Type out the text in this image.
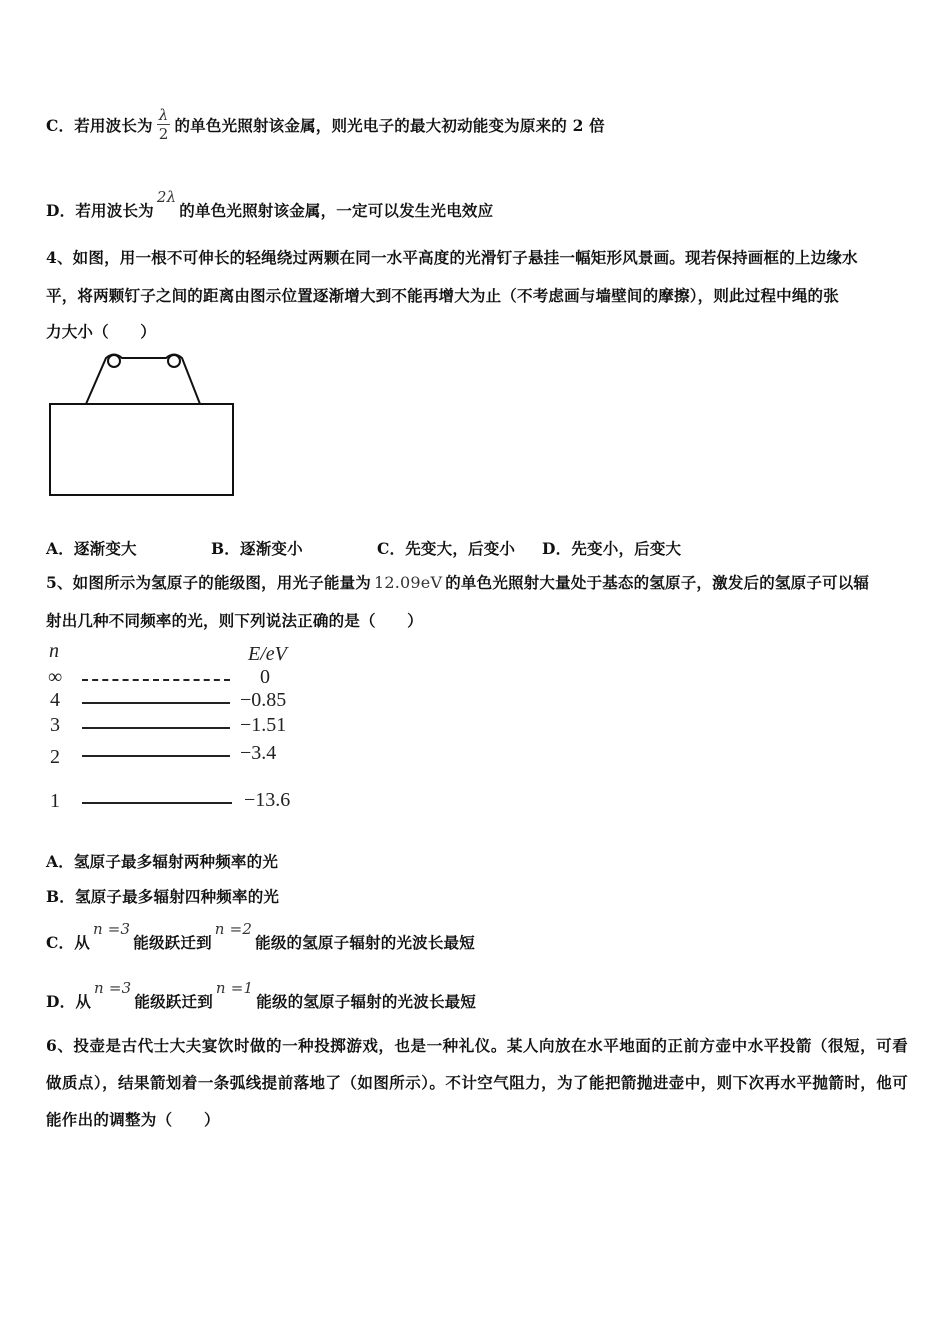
C．若用波长为 $\frac{\lambda}{2}$ 的单色光照射该金属，则光电子的最大初动能变为原来的 2 倍
D．若用波长为2λ的单色光照射该金属，一定可以发生光电效应
4、如图，用一根不可伸长的轻绳绕过两颗在同一水平高度的光滑钉子悬挂一幅矩形风景画。现若保持画框的上边缘水
平，将两颗钉子之间的距离由图示位置逐渐增大到不能再增大为止（不考虑画与墙壁间的摩擦），则此过程中绳的张
力大小（　　）
A．逐渐变大	B．逐渐变小	C．先变大，后变小 D．先变小，后变大
5、如图所示为氢原子的能级图，用光子能量为 12.09eV 的单色光照射大量处于基态的氢原子，激发后的氢原子可以辐
射出几种不同频率的光，则下列说法正确的是（　　）
n	E/eV
∞	0
4	−0.85
3	−1.51
2	−3.4
1	−13.6
A．氢原子最多辐射两种频率的光
B．氢原子最多辐射四种频率的光
C．从n =3能级跃迁到n =2能级的氢原子辐射的光波长最短
D．从n =3能级跃迁到n =1能级的氢原子辐射的光波长最短
6、投壶是古代士大夫宴饮时做的一种投掷游戏，也是一种礼仪。某人向放在水平地面的正前方壶中水平投箭（很短，可看做质点），结果箭划着一条弧线提前落地了（如图所示）。不计空气阻力，为了能把箭抛进壶中，则下次再水平抛箭时，他可能作出的调整为（　　）
